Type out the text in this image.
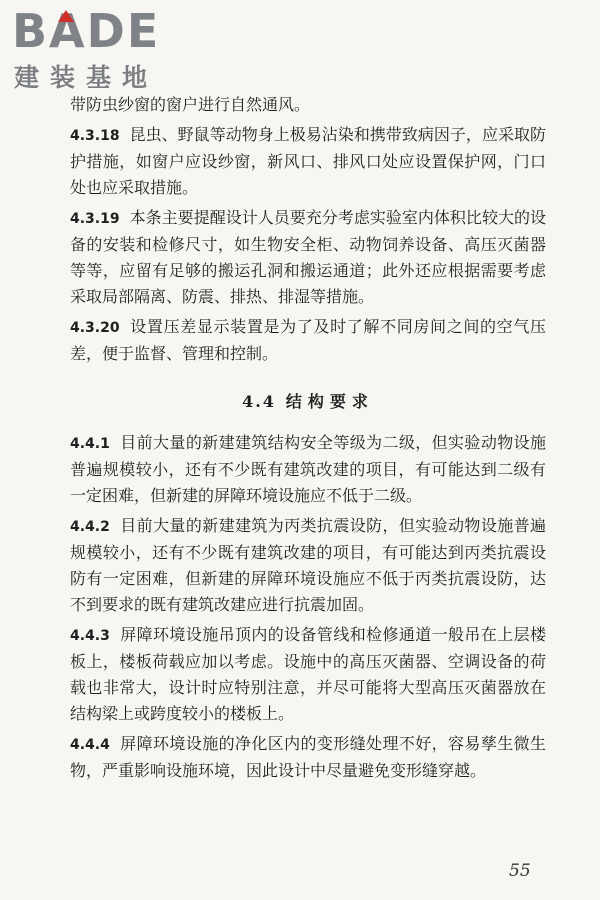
BADE
建装基地

带防虫纱窗的窗户进行自然通风。

4.3.18 昆虫、野鼠等动物身上极易沾染和携带致病因子，应采取防护措施，如窗户应设纱窗，新风口、排风口处应设置保护网，门口处也应采取措施。

4.3.19 本条主要提醒设计人员要充分考虑实验室内体积比较大的设备的安装和检修尺寸，如生物安全柜、动物饲养设备、高压灭菌器等等，应留有足够的搬运孔洞和搬运通道；此外还应根据需要考虑采取局部隔离、防震、排热、排湿等措施。

4.3.20 设置压差显示装置是为了及时了解不同房间之间的空气压差，便于监督、管理和控制。

4.4 结构要求

4.4.1 目前大量的新建建筑结构安全等级为二级，但实验动物设施普遍规模较小，还有不少既有建筑改建的项目，有可能达到二级有一定困难，但新建的屏障环境设施应不低于二级。

4.4.2 目前大量的新建建筑为丙类抗震设防，但实验动物设施普遍规模较小，还有不少既有建筑改建的项目，有可能达到丙类抗震设防有一定困难，但新建的屏障环境设施应不低于丙类抗震设防，达不到要求的既有建筑改建应进行抗震加固。

4.4.3 屏障环境设施吊顶内的设备管线和检修通道一般吊在上层楼板上，楼板荷载应加以考虑。设施中的高压灭菌器、空调设备的荷载也非常大，设计时应特别注意，并尽可能将大型高压灭菌器放在结构梁上或跨度较小的楼板上。

4.4.4 屏障环境设施的净化区内的变形缝处理不好，容易孳生微生物，严重影响设施环境，因此设计中尽量避免变形缝穿越。

55
